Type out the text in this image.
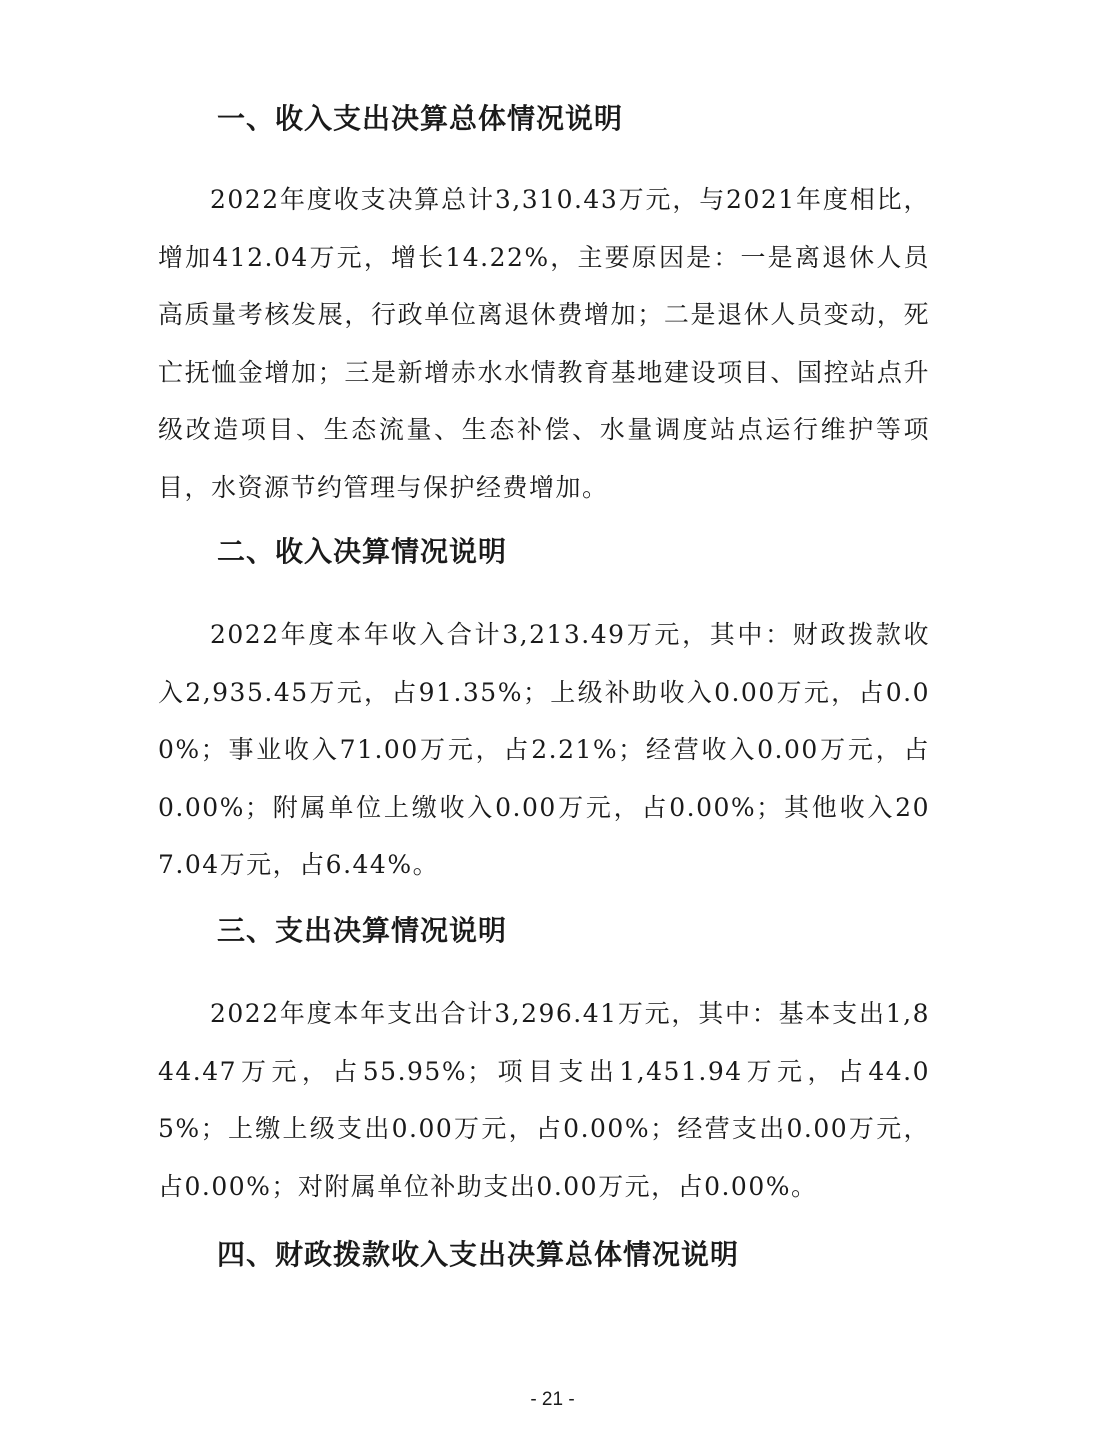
一、收入支出决算总体情况说明

2022年度收支决算总计3,310.43万元，与2021年度相比，增加412.04万元，增长14.22%，主要原因是：一是离退休人员高质量考核发展，行政单位离退休费增加；二是退休人员变动，死亡抚恤金增加；三是新增赤水水情教育基地建设项目、国控站点升级改造项目、生态流量、生态补偿、水量调度站点运行维护等项目，水资源节约管理与保护经费增加。

二、收入决算情况说明

2022年度本年收入合计3,213.49万元，其中：财政拨款收入2,935.45万元，占91.35%；上级补助收入0.00万元，占0.00%；事业收入71.00万元，占2.21%；经营收入0.00万元，占0.00%；附属单位上缴收入0.00万元，占0.00%；其他收入207.04万元，占6.44%。

三、支出决算情况说明

2022年度本年支出合计3,296.41万元，其中：基本支出1,844.47万元，占55.95%；项目支出1,451.94万元，占44.05%；上缴上级支出0.00万元，占0.00%；经营支出0.00万元，占0.00%；对附属单位补助支出0.00万元，占0.00%。

四、财政拨款收入支出决算总体情况说明
- 21 -
